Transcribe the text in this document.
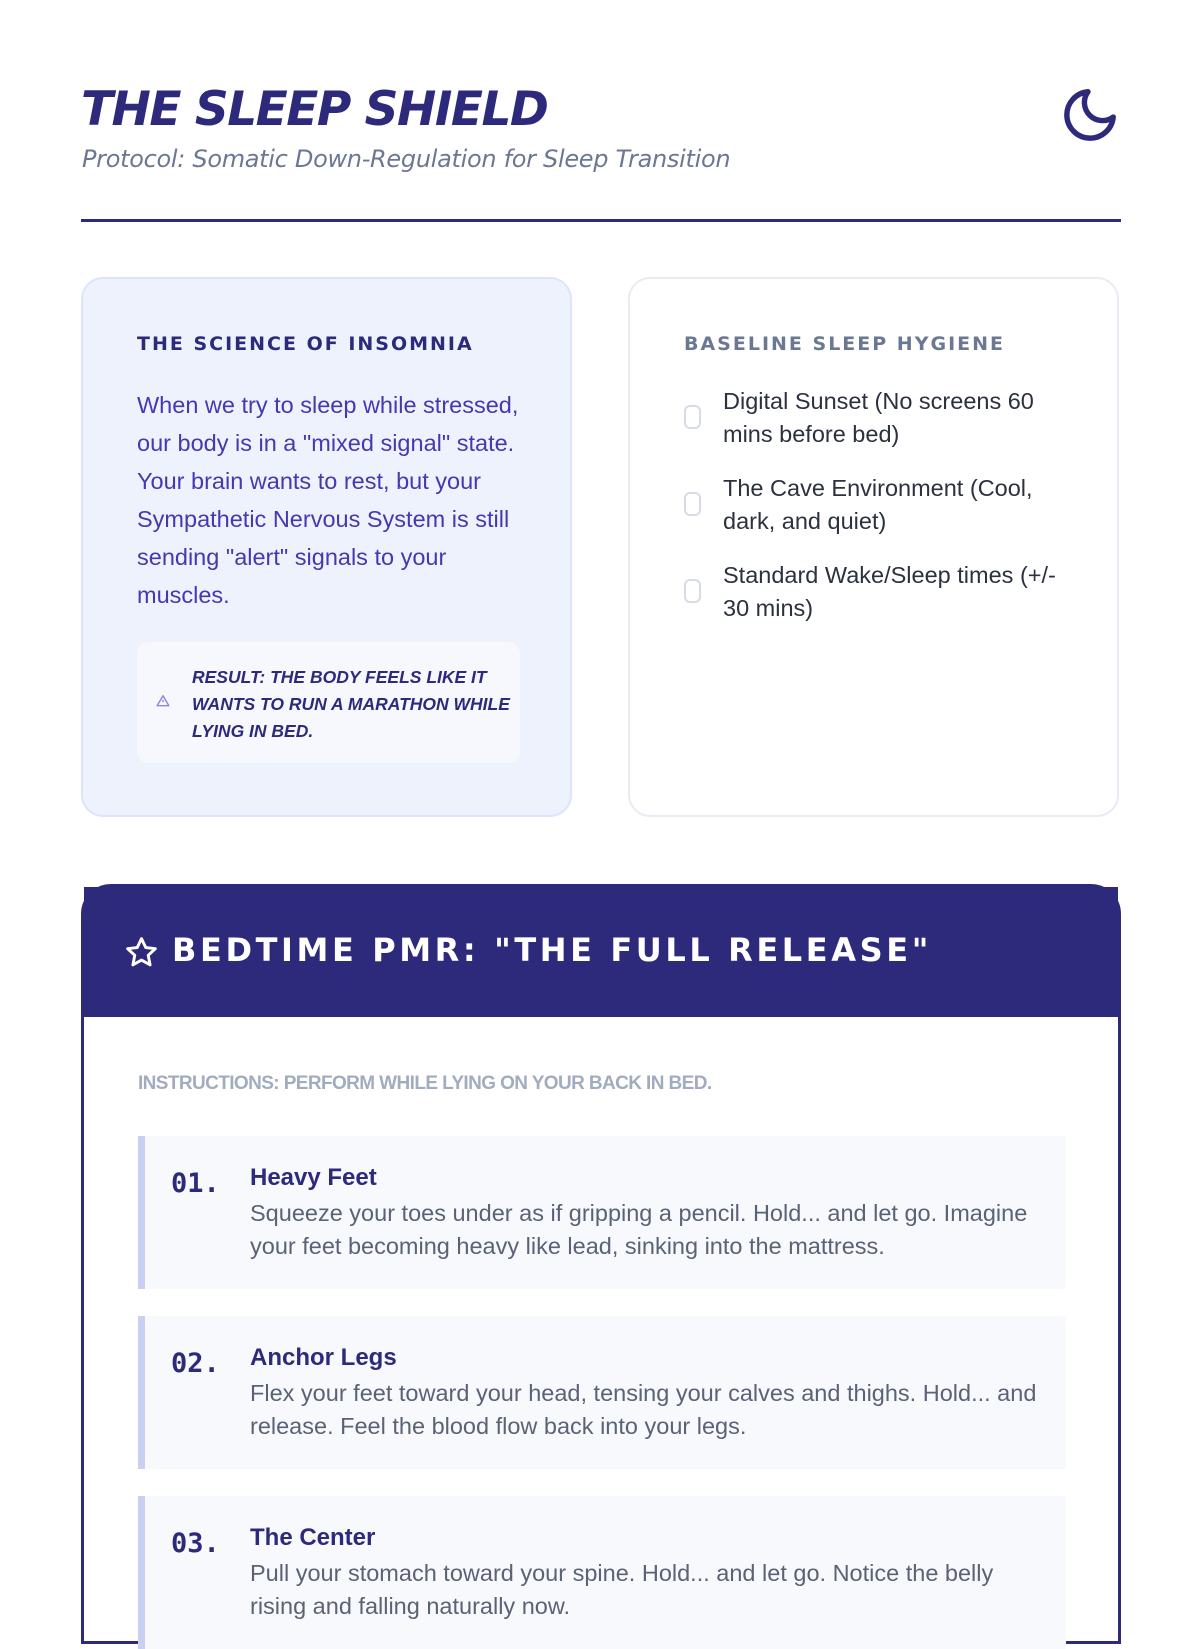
THE SLEEP SHIELD

Protocol: Somatic Down-Regulation for Sleep Transition

THE SCIENCE OF INSOMNIA

When we try to sleep while stressed, our body is in a "mixed signal" state. Your brain wants to rest, but your Sympathetic Nervous System is still sending "alert" signals to your muscles.

RESULT: THE BODY FEELS LIKE IT WANTS TO RUN A MARATHON WHILE LYING IN BED.

BASELINE SLEEP HYGIENE
Digital Sunset (No screens 60 mins before bed)
The Cave Environment (Cool, dark, and quiet)
Standard Wake/Sleep times (+/- 30 mins)
BEDTIME PMR: "THE FULL RELEASE"

INSTRUCTIONS: PERFORM WHILE LYING ON YOUR BACK IN BED.

01. Heavy Feet

Squeeze your toes under as if gripping a pencil. Hold... and let go. Imagine your feet becoming heavy like lead, sinking into the mattress.

02. Anchor Legs

Flex your feet toward your head, tensing your calves and thighs. Hold... and release. Feel the blood flow back into your legs.

03. The Center

Pull your stomach toward your spine. Hold... and let go. Notice the belly rising and falling naturally now.
